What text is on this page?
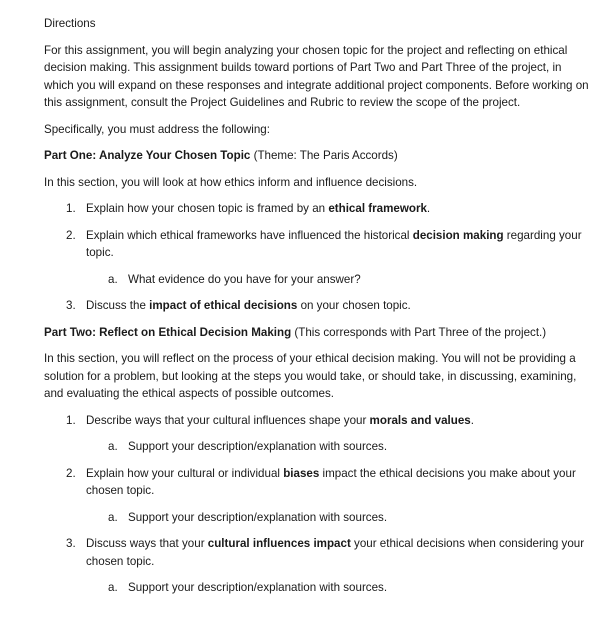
Directions

For this assignment, you will begin analyzing your chosen topic for the project and reflecting on ethical decision making. This assignment builds toward portions of Part Two and Part Three of the project, in which you will expand on these responses and integrate additional project components. Before working on this assignment, consult the Project Guidelines and Rubric to review the scope of the project.

Specifically, you must address the following:

Part One: Analyze Your Chosen Topic (Theme: The Paris Accords)

In this section, you will look at how ethics inform and influence decisions.

1. Explain how your chosen topic is framed by an ethical framework.
2. Explain which ethical frameworks have influenced the historical decision making regarding your topic.
a. What evidence do you have for your answer?
3. Discuss the impact of ethical decisions on your chosen topic.

Part Two: Reflect on Ethical Decision Making (This corresponds with Part Three of the project.)

In this section, you will reflect on the process of your ethical decision making. You will not be providing a solution for a problem, but looking at the steps you would take, or should take, in discussing, examining, and evaluating the ethical aspects of possible outcomes.

1. Describe ways that your cultural influences shape your morals and values.
a. Support your description/explanation with sources.
2. Explain how your cultural or individual biases impact the ethical decisions you make about your chosen topic.
a. Support your description/explanation with sources.
3. Discuss ways that your cultural influences impact your ethical decisions when considering your chosen topic.
a. Support your description/explanation with sources.
